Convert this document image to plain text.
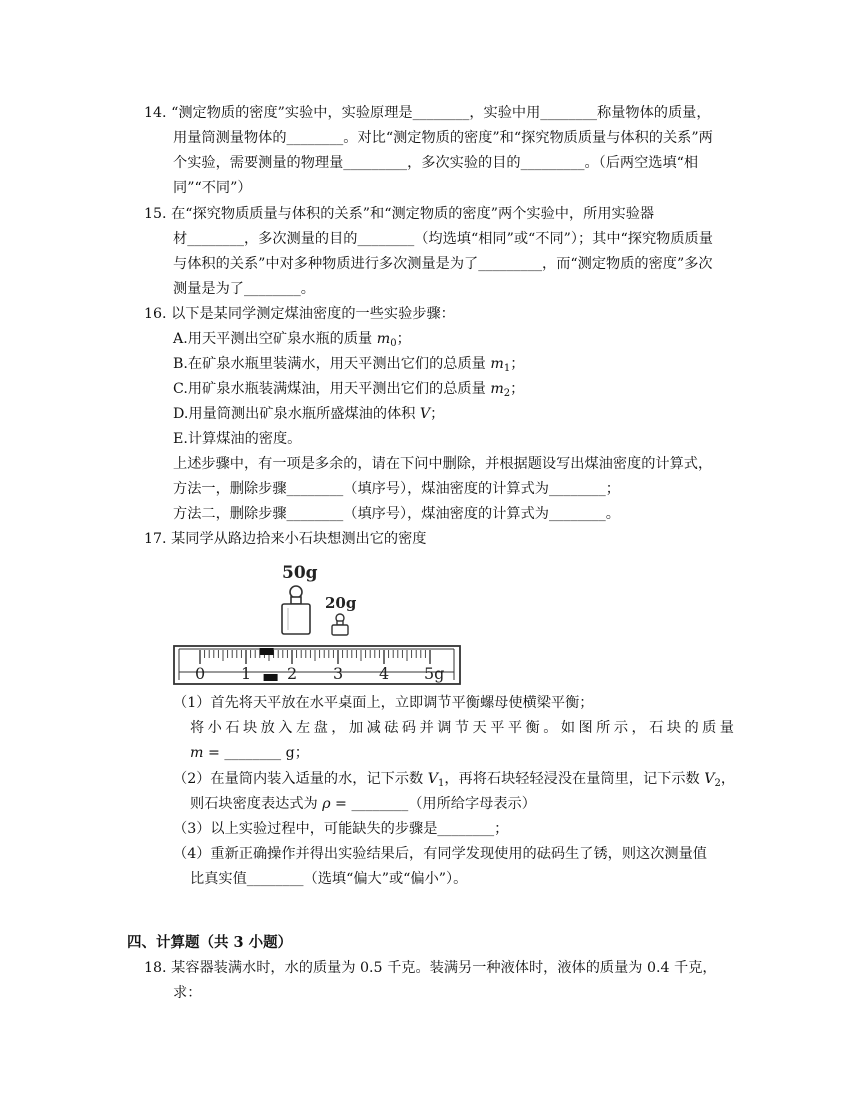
14. “测定物质的密度”实验中，实验原理是________，实验中用________称量物体的质量，
用量筒测量物体的________。对比“测定物质的密度”和“探究物质质量与体积的关系”两
个实验，需要测量的物理量_________，多次实验的目的_________。（后两空选填“相
同”“不同”）
15. 在“探究物质质量与体积的关系”和“测定物质的密度”两个实验中，所用实验器
材________，多次测量的目的________（均选填“相同”或“不同”）；其中“探究物质质量
与体积的关系”中对多种物质进行多次测量是为了_________，而“测定物质的密度”多次
测量是为了________。
16. 以下是某同学测定煤油密度的一些实验步骤：
A.用天平测出空矿泉水瓶的质量 $m_0$；
B.在矿泉水瓶里装满水，用天平测出它们的总质量 $m_1$；
C.用矿泉水瓶装满煤油，用天平测出它们的总质量 $m_2$；
D.用量筒测出矿泉水瓶所盛煤油的体积 V；
E.计算煤油的密度。
上述步骤中，有一项是多余的，请在下问中删除，并根据题设写出煤油密度的计算式，
方法一，删除步骤________（填序号），煤油密度的计算式为________；
方法二，删除步骤________（填序号），煤油密度的计算式为________。
17. 某同学从路边拾来小石块想测出它的密度
50g
20g
0 1 2 3 4 5g
（1）首先将天平放在水平桌面上，立即调节平衡螺母使横梁平衡；
将小石块放入左盘，加减砝码并调节天平平衡。如图所示，石块的质量
m = ________ g；
（2）在量筒内装入适量的水，记下示数 $V_1$，再将石块轻轻浸没在量筒里，记下示数 $V_2$，
则石块密度表达式为 ρ = ________（用所给字母表示）
（3）以上实验过程中，可能缺失的步骤是________；
（4）重新正确操作并得出实验结果后，有同学发现使用的砝码生了锈，则这次测量值
比真实值________（选填“偏大”或“偏小”）。
四、计算题（共 3 小题）
18. 某容器装满水时，水的质量为 0.5 千克。装满另一种液体时，液体的质量为 0.4 千克，
求：
